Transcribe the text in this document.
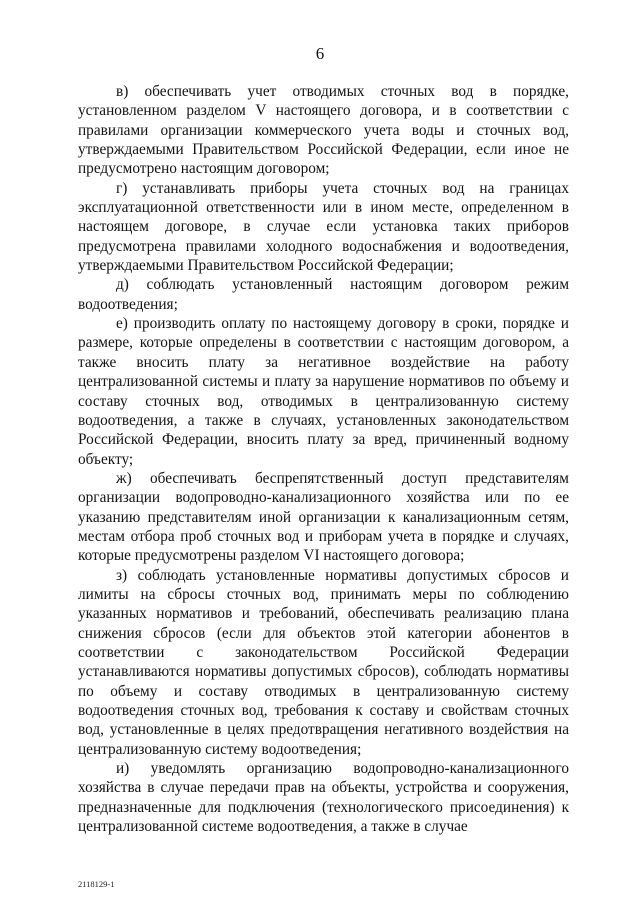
6

в) обеспечивать учет отводимых сточных вод в порядке, установленном разделом V настоящего договора, и в соответствии с правилами организации коммерческого учета воды и сточных вод, утверждаемыми Правительством Российской Федерации, если иное не предусмотрено настоящим договором;

г) устанавливать приборы учета сточных вод на границах эксплуатационной ответственности или в ином месте, определенном в настоящем договоре, в случае если установка таких приборов предусмотрена правилами холодного водоснабжения и водоотведения, утверждаемыми Правительством Российской Федерации;

д) соблюдать установленный настоящим договором режим водоотведения;

е) производить оплату по настоящему договору в сроки, порядке и размере, которые определены в соответствии с настоящим договором, а также вносить плату за негативное воздействие на работу централизованной системы и плату за нарушение нормативов по объему и составу сточных вод, отводимых в централизованную систему водоотведения, а также в случаях, установленных законодательством Российской Федерации, вносить плату за вред, причиненный водному объекту;

ж) обеспечивать беспрепятственный доступ представителям организации водопроводно-канализационного хозяйства или по ее указанию представителям иной организации к канализационным сетям, местам отбора проб сточных вод и приборам учета в порядке и случаях, которые предусмотрены разделом VI настоящего договора;

з) соблюдать установленные нормативы допустимых сбросов и лимиты на сбросы сточных вод, принимать меры по соблюдению указанных нормативов и требований, обеспечивать реализацию плана снижения сбросов (если для объектов этой категории абонентов в соответствии с законодательством Российской Федерации устанавливаются нормативы допустимых сбросов), соблюдать нормативы по объему и составу отводимых в централизованную систему водоотведения сточных вод, требования к составу и свойствам сточных вод, установленные в целях предотвращения негативного воздействия на централизованную систему водоотведения;

и) уведомлять организацию водопроводно-канализационного хозяйства в случае передачи прав на объекты, устройства и сооружения, предназначенные для подключения (технологического присоединения) к централизованной системе водоотведения, а также в случае

2118129-1
